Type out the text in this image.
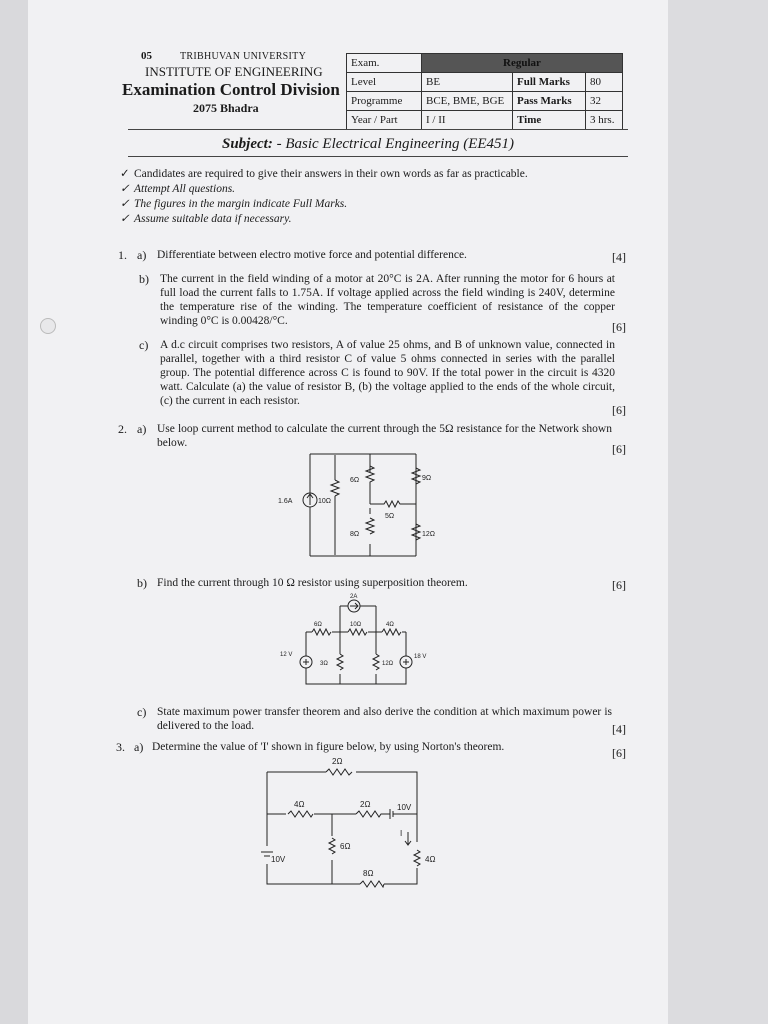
05	TRIBHUVAN UNIVERSITY
INSTITUTE OF ENGINEERING
Examination Control Division
2075 Bhadra
Exam.	Regular		
Level	BE	Full Marks	80
Programme	BCE, BME, BGE	Pass Marks	32
Year / Part	I / II	Time	3 hrs.
Subject: - Basic Electrical Engineering (EE451)
✓ Candidates are required to give their answers in their own words as far as practicable.
✓ Attempt All questions.
✓ The figures in the margin indicate Full Marks.
✓ Assume suitable data if necessary.
1. a) Differentiate between electro motive force and potential difference.	[4]
b) The current in the field winding of a motor at 20°C is 2A. After running the motor for 6 hours at full load the current falls to 1.75A. If voltage applied across the field winding is 240V, determine the temperature rise of the winding. The temperature coefficient of resistance of the copper winding 0°C is 0.00428/°C.	[6]
c) A d.c circuit comprises two resistors, A of value 25 ohms, and B of unknown value, connected in parallel, together with a third resistor C of value 5 ohms connected in series with the parallel group. The potential difference across C is found to 90V. If the total power in the circuit is 4320 watt. Calculate (a) the value of resistor B, (b) the voltage applied to the ends of the whole circuit, (c) the current in each resistor.
[6]
2. a) Use loop current method to calculate the current through the 5Ω resistance for the Network shown below.	[6]
1.6A	10Ω
6Ω
8Ω
9Ω
5Ω
12Ω
b) Find the current through 10 Ω resistor using superposition theorem.	[6]
2A
6Ω	10Ω	4Ω
12 V
3Ω	12Ω
18 V
c) State maximum power transfer theorem and also derive the condition at which maximum power is delivered to the load.	[4]
3. a) Determine the value of 'I' shown in figure below, by using Norton's theorem.	[6]
2Ω
4Ω	2Ω	10V
10V
6Ω
8Ω
I
4Ω
